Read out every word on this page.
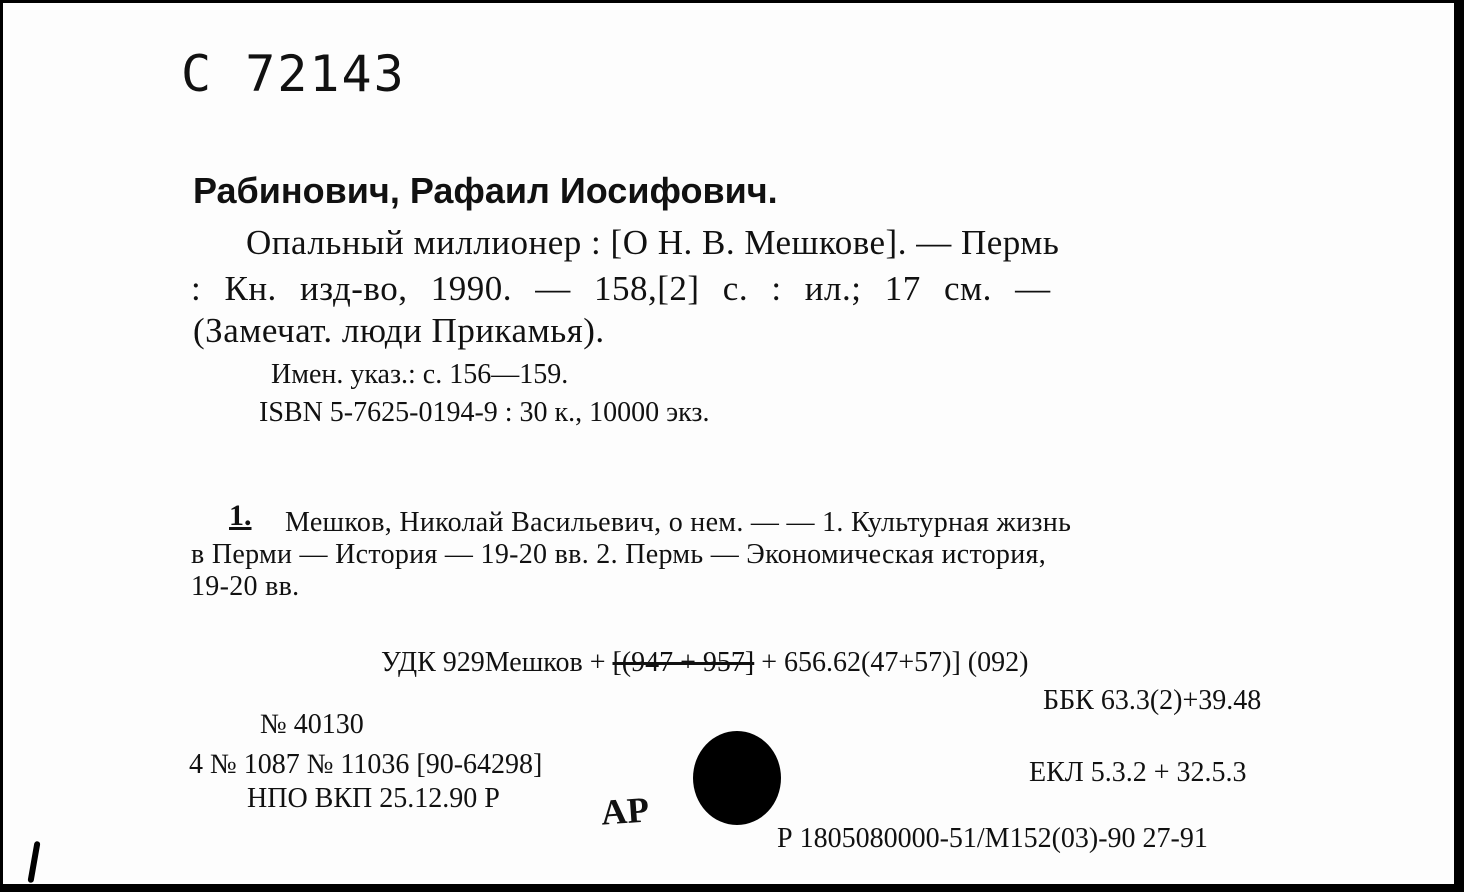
С 72143
Рабинович, Рафаил Иосифович.
Опальный миллионер : [О Н. В. Мешкове]. — Пермь
: Кн. изд-во, 1990. — 158,[2] с. : ил.; 17 см. —
(Замечат. люди Прикамья).
Имен. указ.: с. 156—159.
ISBN 5-7625-0194-9 : 30 к., 10000 экз.
1. Мешков, Николай Васильевич, о нем. — — 1. Культурная жизнь
в Перми — История — 19-20 вв. 2. Пермь — Экономическая история,
19-20 вв.
УДК 929Мешков + [(947 + 957] + 656.62(47+57)] (092)
ББК 63.3(2)+39.48
№ 40130
4 № 1087 № 11036 [90-64298]	ЕКЛ 5.3.2 + 32.5.3
НПО ВКП 25.12.90 Р	АР
Р 1805080000-51/М152(03)-90 27-91
